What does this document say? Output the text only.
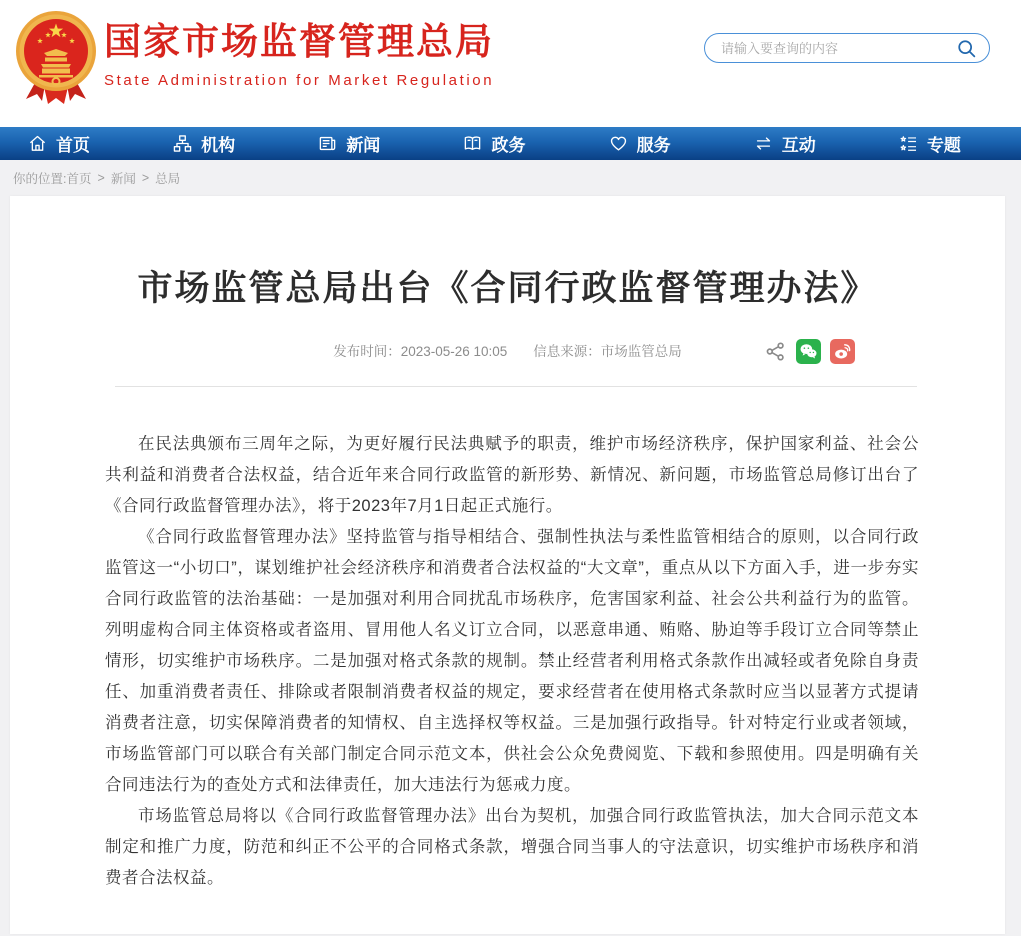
国家市场监督管理总局
State Administration for Market Regulation
请输入要查询的内容
首页	机构	新闻	政务	服务	互动	专题
你的位置: 首页 > 新闻 > 总局
市场监管总局出台《合同行政监督管理办法》
发布时间：2023-05-26 10:05 信息来源：市场监管总局

在民法典颁布三周年之际，为更好履行民法典赋予的职责，维护市场经济秩序，保护国家利益、社会公共利益和消费者合法权益，结合近年来合同行政监管的新形势、新情况、新问题，市场监管总局修订出台了《合同行政监督管理办法》，将于2023年7月1日起正式施行。

《合同行政监督管理办法》坚持监管与指导相结合、强制性执法与柔性监管相结合的原则，以合同行政监管这一“小切口”，谋划维护社会经济秩序和消费者合法权益的“大文章”，重点从以下方面入手，进一步夯实合同行政监管的法治基础：一是加强对利用合同扰乱市场秩序，危害国家利益、社会公共利益行为的监管。列明虚构合同主体资格或者盗用、冒用他人名义订立合同，以恶意串通、贿赂、胁迫等手段订立合同等禁止情形，切实维护市场秩序。二是加强对格式条款的规制。禁止经营者利用格式条款作出减轻或者免除自身责任、加重消费者责任、排除或者限制消费者权益的规定，要求经营者在使用格式条款时应当以显著方式提请消费者注意，切实保障消费者的知情权、自主选择权等权益。三是加强行政指导。针对特定行业或者领域，市场监管部门可以联合有关部门制定合同示范文本，供社会公众免费阅览、下载和参照使用。四是明确有关合同违法行为的查处方式和法律责任，加大违法行为惩戒力度。

市场监管总局将以《合同行政监督管理办法》出台为契机，加强合同行政监管执法，加大合同示范文本制定和推广力度，防范和纠正不公平的合同格式条款，增强合同当事人的守法意识，切实维护市场秩序和消费者合法权益。
